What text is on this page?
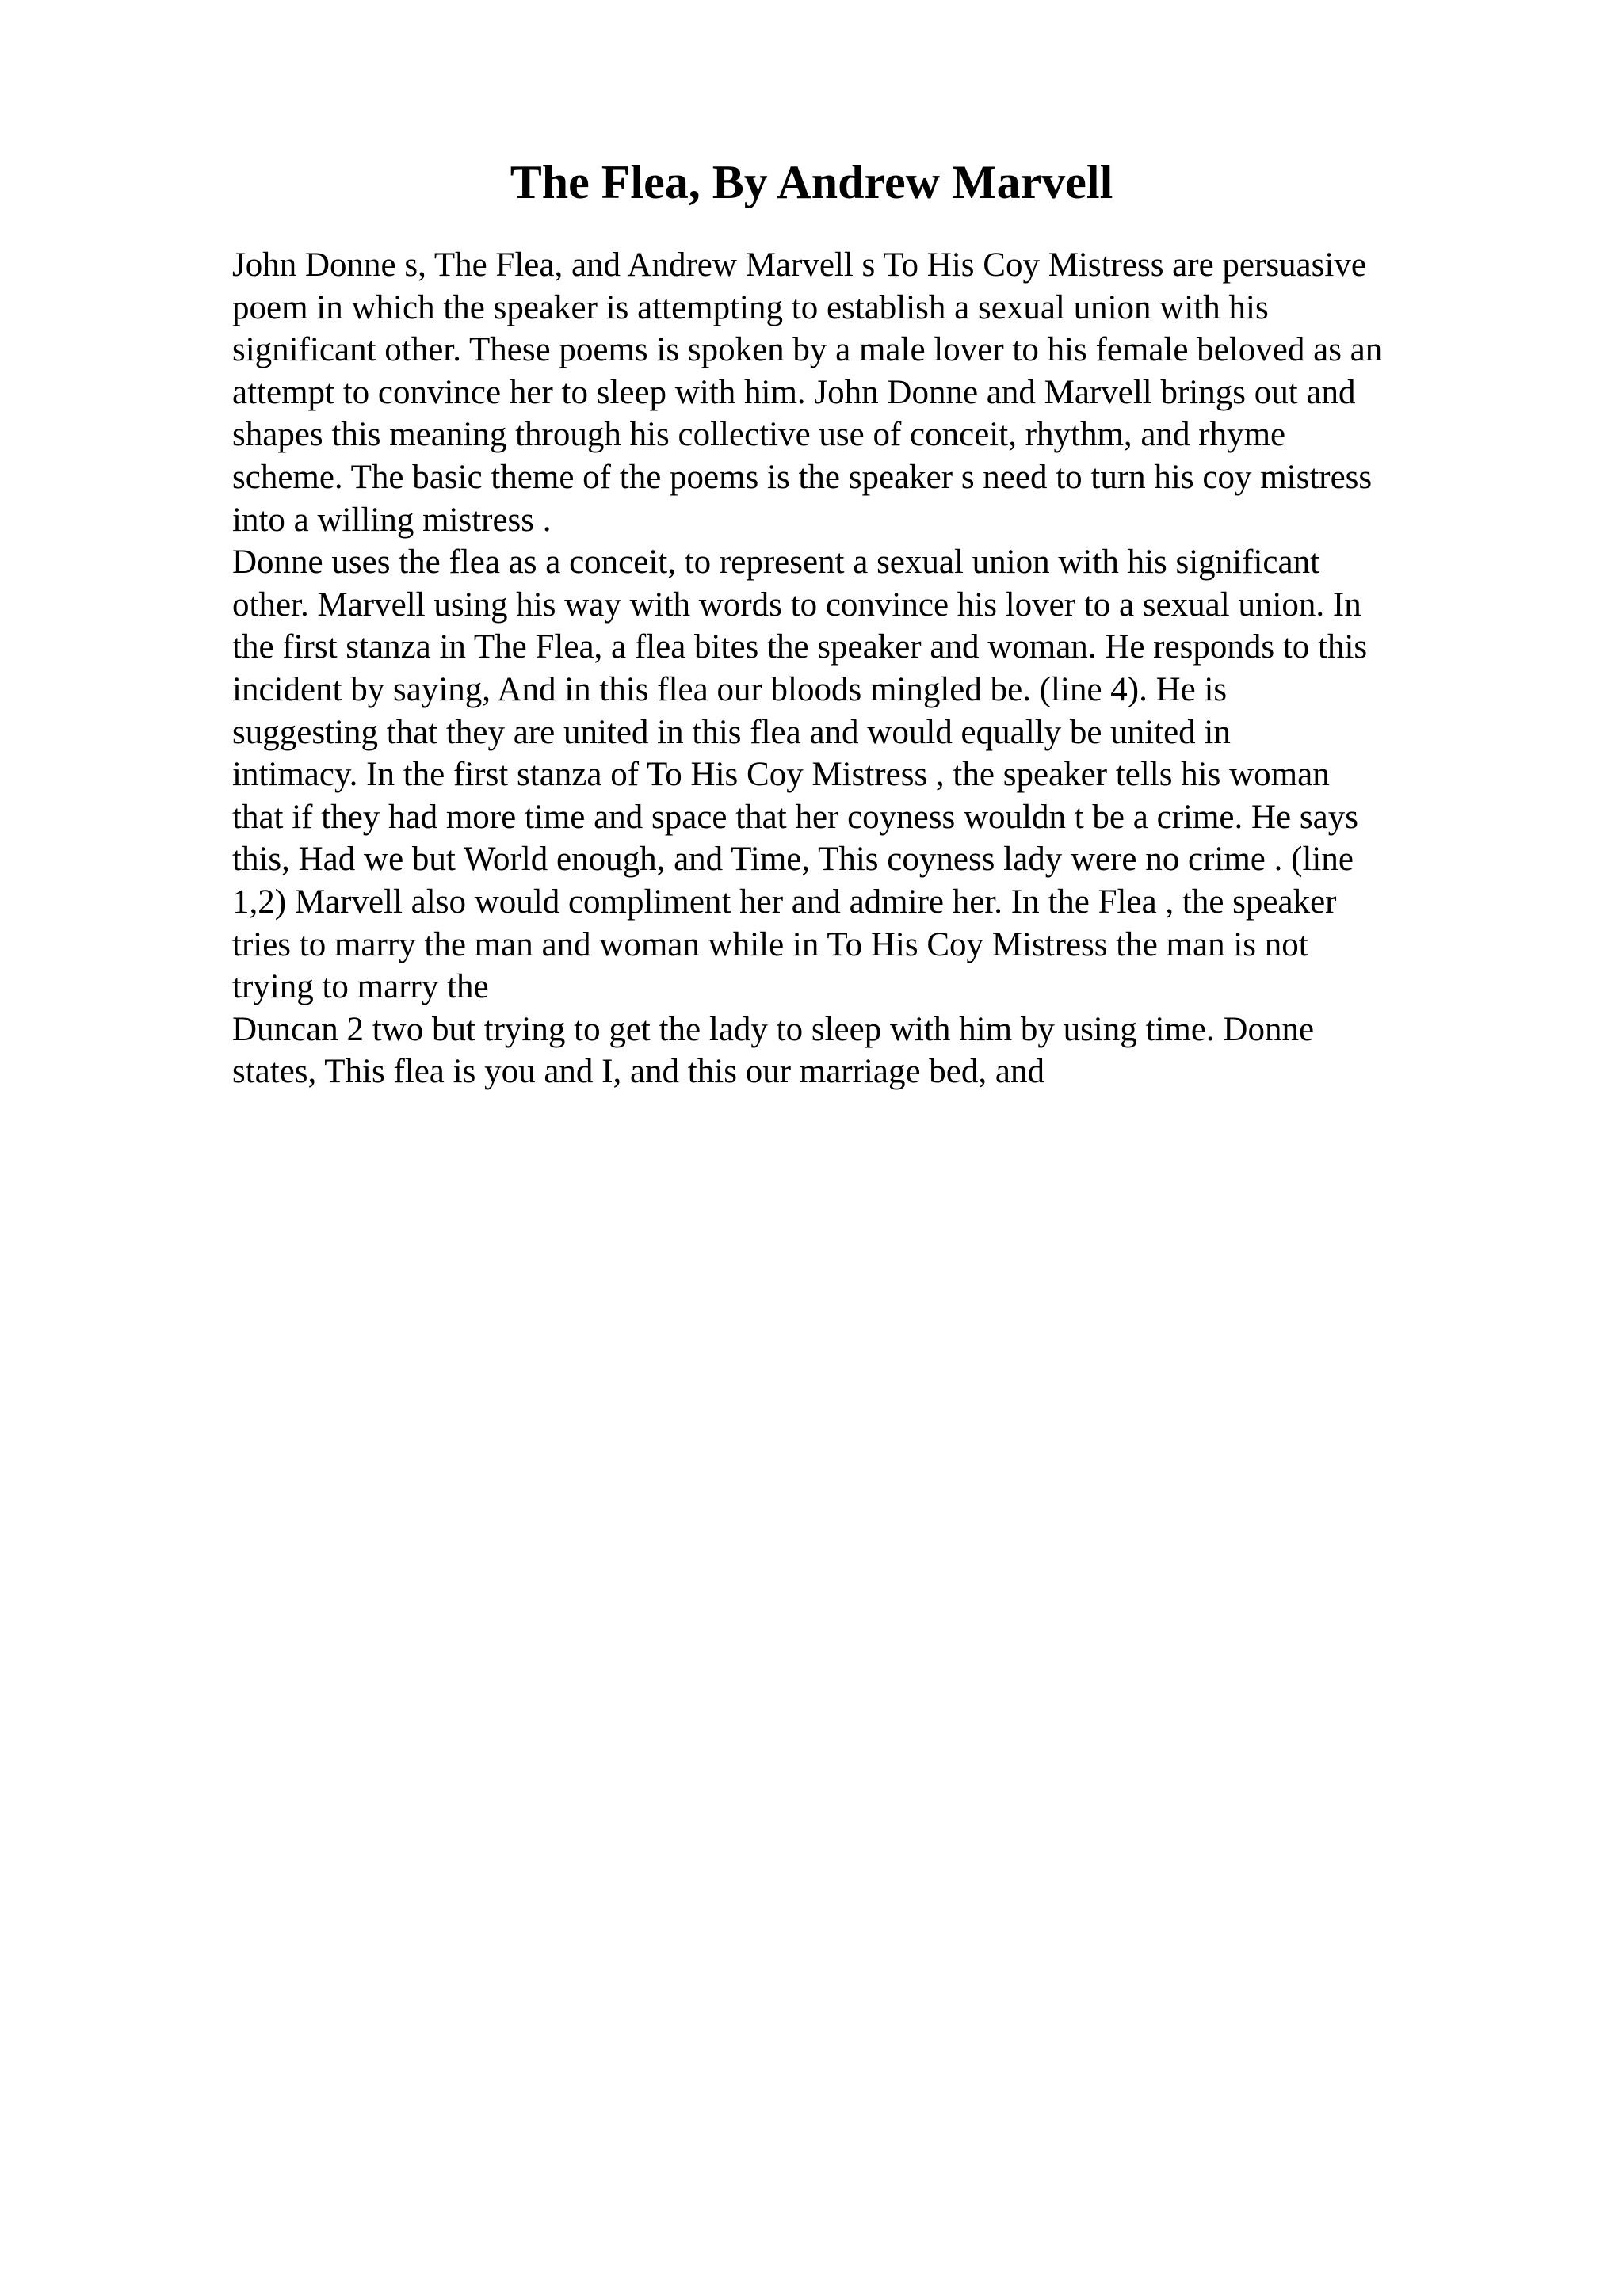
The Flea, By Andrew Marvell
John Donne s, The Flea, and Andrew Marvell s To His Coy Mistress are persuasive
poem in which the speaker is attempting to establish a sexual union with his
significant other. These poems is spoken by a male lover to his female beloved as an
attempt to convince her to sleep with him. John Donne and Marvell brings out and
shapes this meaning through his collective use of conceit, rhythm, and rhyme
scheme. The basic theme of the poems is the speaker s need to turn his coy mistress
into a willing mistress .
Donne uses the flea as a conceit, to represent a sexual union with his significant
other. Marvell using his way with words to convince his lover to a sexual union. In
the first stanza in The Flea, a flea bites the speaker and woman. He responds to this
incident by saying, And in this flea our bloods mingled be. (line 4). He is
suggesting that they are united in this flea and would equally be united in
intimacy. In the first stanza of To His Coy Mistress , the speaker tells his woman
that if they had more time and space that her coyness wouldn t be a crime. He says
this, Had we but World enough, and Time, This coyness lady were no crime . (line
1,2) Marvell also would compliment her and admire her. In the Flea , the speaker
tries to marry the man and woman while in To His Coy Mistress the man is not
trying to marry the
Duncan 2 two but trying to get the lady to sleep with him by using time. Donne
states, This flea is you and I, and this our marriage bed, and
